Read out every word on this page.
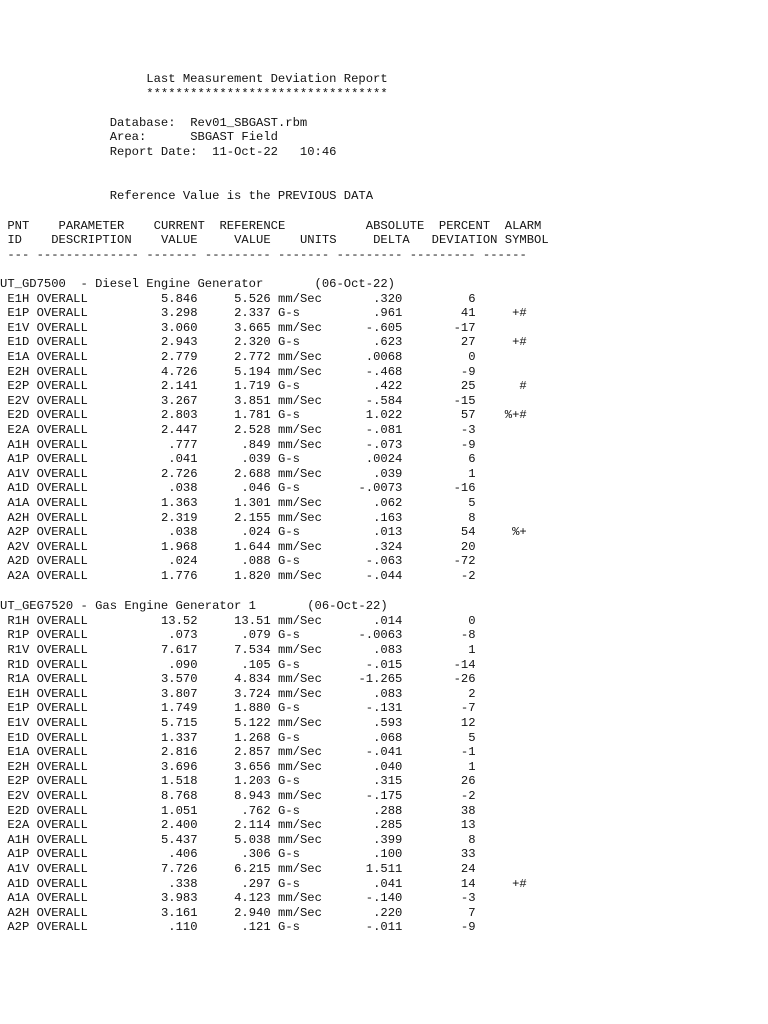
Last Measurement Deviation Report
*********************************
Database: Rev01_SBGAST.rbm
Area:	SBGAST Field
Report Date: 11-Oct-22 10:46
Reference Value is the PREVIOUS DATA
PNT PARAMETER CURRENT REFERENCE	ABSOLUTE PERCENT ALARM
ID DESCRIPTION VALUE	VALUE UNITS	DELTA DEVIATION SYMBOL
--- -------------- ------- --------- ------- --------- --------- ------
UT_GD7500  - Diesel Engine Generator	(06-Oct-22)
E1H OVERALL	5.846	5.526 mm/Sec	.320	6
E1P OVERALL	3.298	2.337 G-s	.961	41	+#
E1V OVERALL	3.060	3.665 mm/Sec	-.605	-17
E1D OVERALL	2.943	2.320 G-s	.623	27	+#
E1A OVERALL	2.779	2.772 mm/Sec	.0068	0
E2H OVERALL	4.726	5.194 mm/Sec	-.468	-9
E2P OVERALL	2.141	1.719 G-s	.422	25	#
E2V OVERALL	3.267	3.851 mm/Sec	-.584	-15
E2D OVERALL	2.803	1.781 G-s	1.022	57 %+#
E2A OVERALL	2.447	2.528 mm/Sec	-.081	-3
A1H OVERALL	.777	.849 mm/Sec	-.073	-9
A1P OVERALL	.041	.039 G-s	.0024	6
A1V OVERALL	2.726	2.688 mm/Sec	.039	1
A1D OVERALL	.038	.046 G-s	-.0073	-16
A1A OVERALL	1.363	1.301 mm/Sec	.062	5
A2H OVERALL	2.319	2.155 mm/Sec	.163	8
A2P OVERALL	.038	.024 G-s	.013	54	%+
A2V OVERALL	1.968	1.644 mm/Sec	.324	20
A2D OVERALL	.024	.088 G-s	-.063	-72
A2A OVERALL	1.776	1.820 mm/Sec	-.044	-2
UT_GEG7520 - Gas Engine Generator 1	(06-Oct-22)
R1H OVERALL	13.52	13.51 mm/Sec	.014	0
R1P OVERALL	.073	.079 G-s	-.0063	-8
R1V OVERALL	7.617	7.534 mm/Sec	.083	1
R1D OVERALL	.090	.105 G-s	-.015	-14
R1A OVERALL	3.570	4.834 mm/Sec	-1.265	-26
E1H OVERALL	3.807	3.724 mm/Sec	.083	2
E1P OVERALL	1.749	1.880 G-s	-.131	-7
E1V OVERALL	5.715	5.122 mm/Sec	.593	12
E1D OVERALL	1.337	1.268 G-s	.068	5
E1A OVERALL	2.816	2.857 mm/Sec	-.041	-1
E2H OVERALL	3.696	3.656 mm/Sec	.040	1
E2P OVERALL	1.518	1.203 G-s	.315	26
E2V OVERALL	8.768	8.943 mm/Sec	-.175	-2
E2D OVERALL	1.051	.762 G-s	.288	38
E2A OVERALL	2.400	2.114 mm/Sec	.285	13
A1H OVERALL	5.437	5.038 mm/Sec	.399	8
A1P OVERALL	.406	.306 G-s	.100	33
A1V OVERALL	7.726	6.215 mm/Sec	1.511	24
A1D OVERALL	.338	.297 G-s	.041	14	+#
A1A OVERALL	3.983	4.123 mm/Sec	-.140	-3
A2H OVERALL	3.161	2.940 mm/Sec	.220	7
A2P OVERALL	.110	.121 G-s	-.011	-9
